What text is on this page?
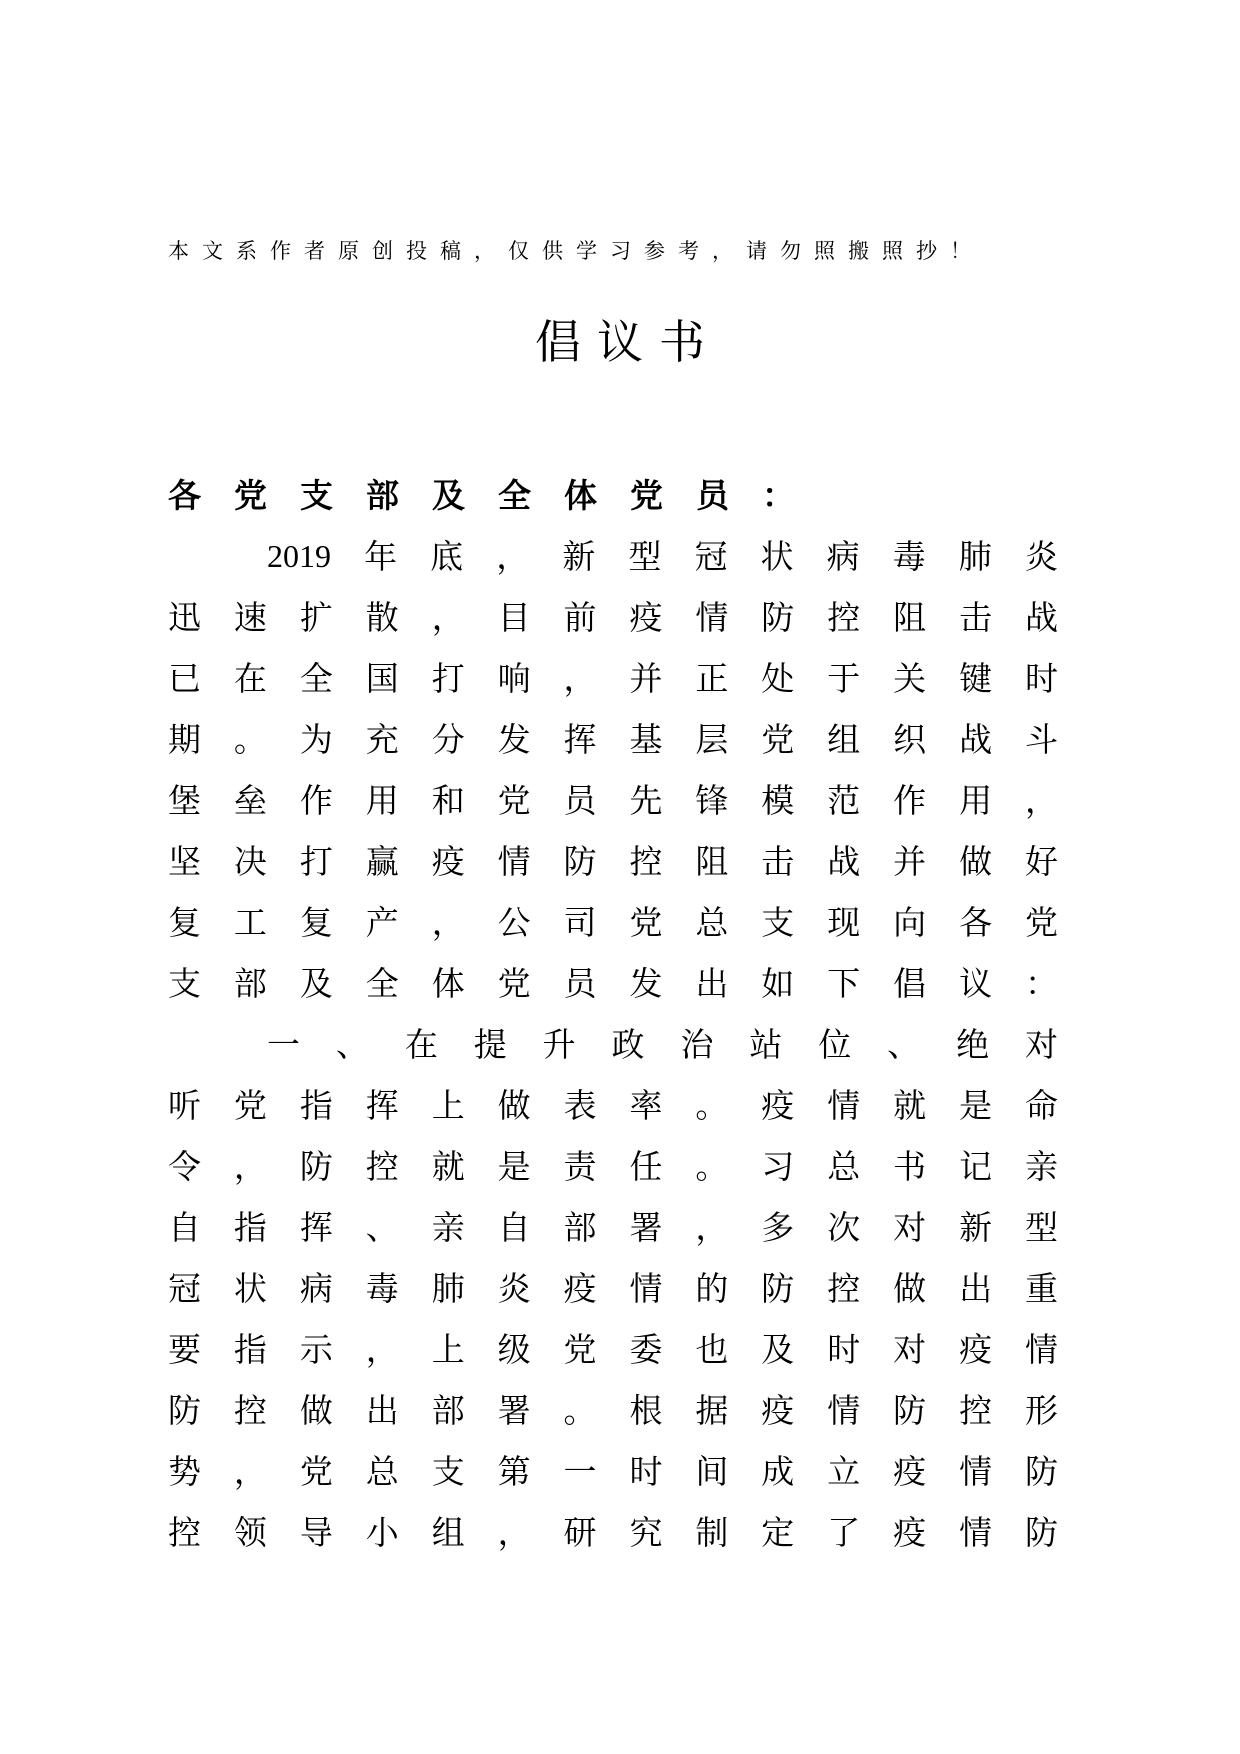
本文系作者原创投稿，仅供学习参考，请勿照搬照抄！
倡议书
各 党 支 部 及 全 体 党 员 ：
2019 年 底 ， 新 型 冠 状 病 毒 肺 炎
迅 速 扩 散 ， 目 前 疫 情 防 控 阻 击 战
已 在 全 国 打 响 ， 并 正 处 于 关 键 时
期 。 为 充 分 发 挥 基 层 党 组 织 战 斗
堡 垒 作 用 和 党 员 先 锋 模 范 作 用 ，
坚 决 打 赢 疫 情 防 控 阻 击 战 并 做 好
复 工 复 产 ， 公 司 党 总 支 现 向 各 党
支 部 及 全 体 党 员 发 出 如 下 倡 议 ：
一 、 在 提 升 政 治 站 位 、 绝 对
听 党 指 挥 上 做 表 率 。 疫 情 就 是 命
令 ， 防 控 就 是 责 任 。 习 总 书 记 亲
自 指 挥 、 亲 自 部 署 ， 多 次 对 新 型
冠 状 病 毒 肺 炎 疫 情 的 防 控 做 出 重
要 指 示 ， 上 级 党 委 也 及 时 对 疫 情
防 控 做 出 部 署 。 根 据 疫 情 防 控 形
势 ， 党 总 支 第 一 时 间 成 立 疫 情 防
控 领 导 小 组 ， 研 究 制 定 了 疫 情 防
